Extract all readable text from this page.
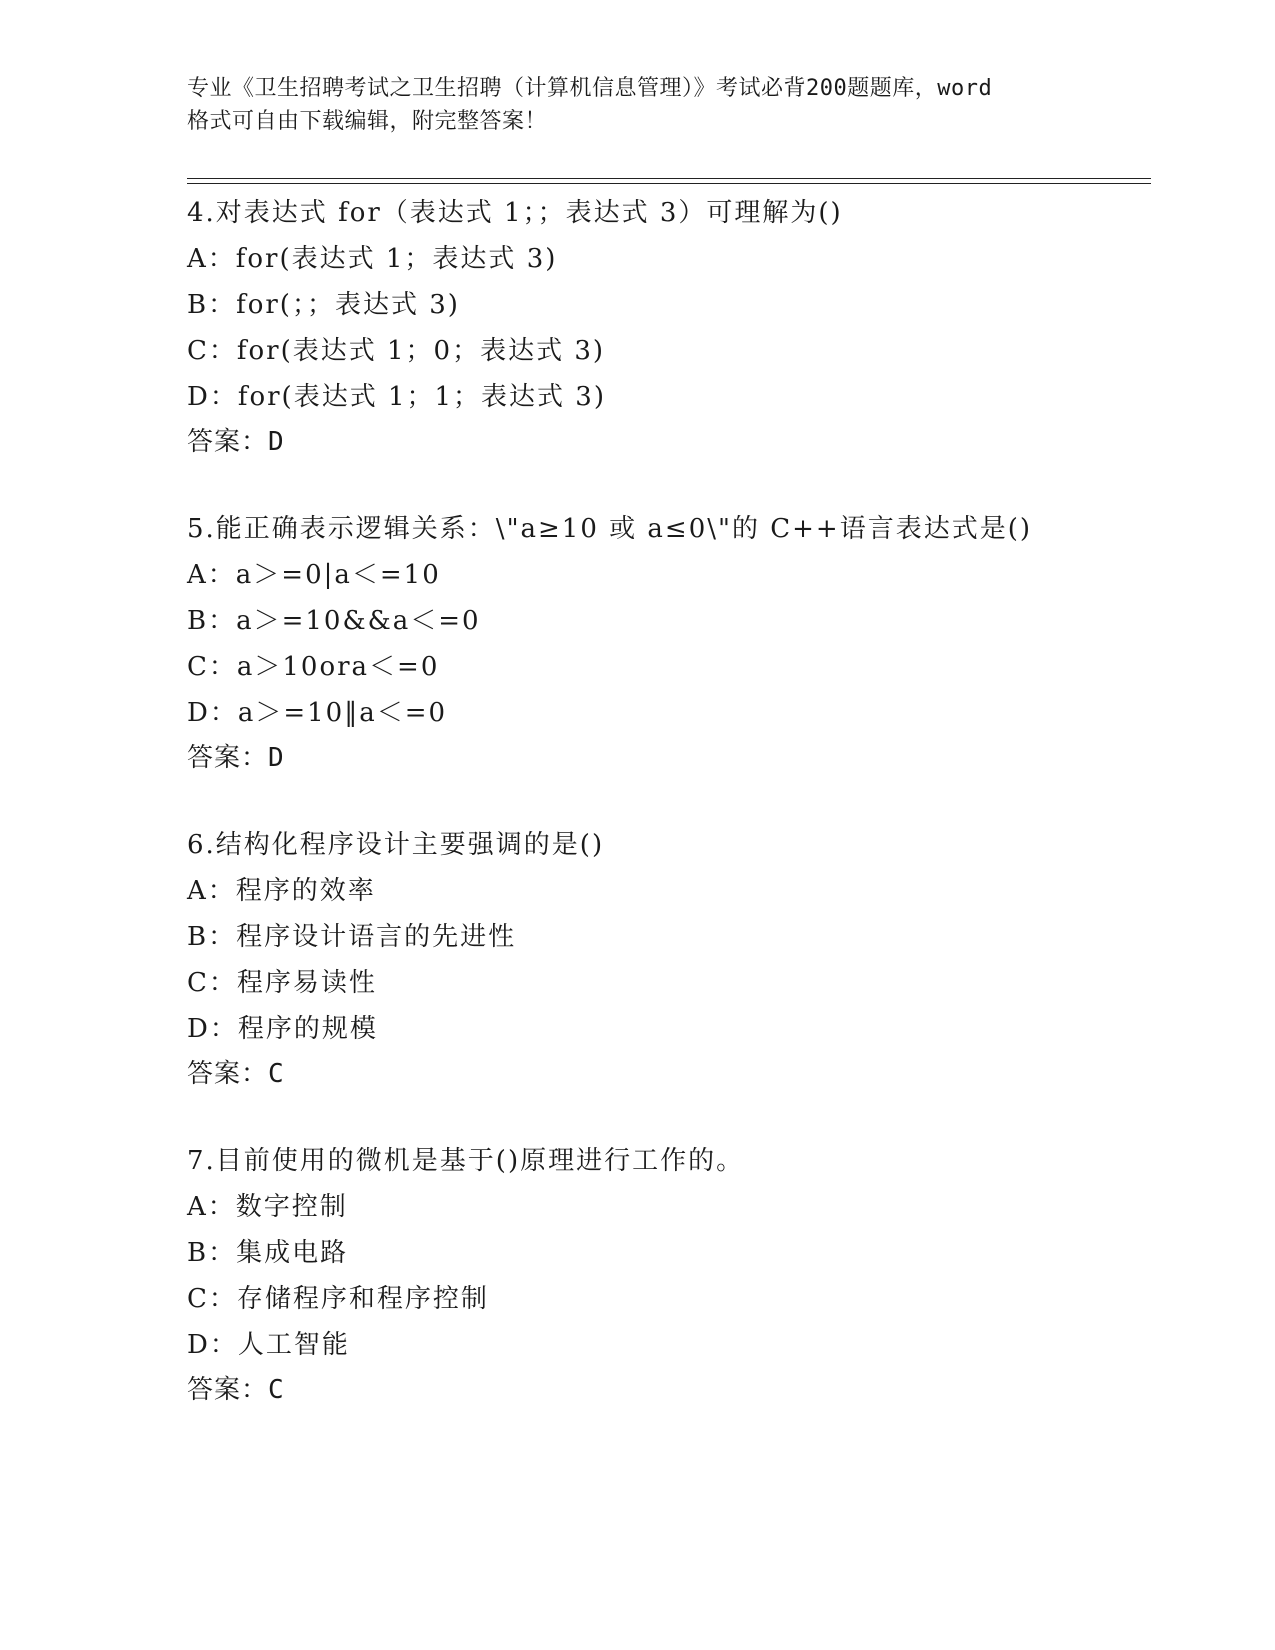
专业《卫生招聘考试之卫生招聘（计算机信息管理）》考试必背200题题库，word
格式可自由下载编辑，附完整答案！
4.对表达式 for（表达式 1；；表达式 3）可理解为()
A：for(表达式 1；表达式 3)
B：for(；；表达式 3)
C：for(表达式 1；0；表达式 3)
D：for(表达式 1；1；表达式 3)
答案：D
5.能正确表示逻辑关系：\"a≥10 或 a≤0\"的 C++语言表达式是()
A：a＞=0|a＜=10
B：a＞=10&&a＜=0
C：a＞10ora＜=0
D：a＞=10‖a＜=0
答案：D
6.结构化程序设计主要强调的是()
A：程序的效率
B：程序设计语言的先进性
C：程序易读性
D：程序的规模
答案：C
7.目前使用的微机是基于()原理进行工作的。
A：数字控制
B：集成电路
C：存储程序和程序控制
D：人工智能
答案：C
